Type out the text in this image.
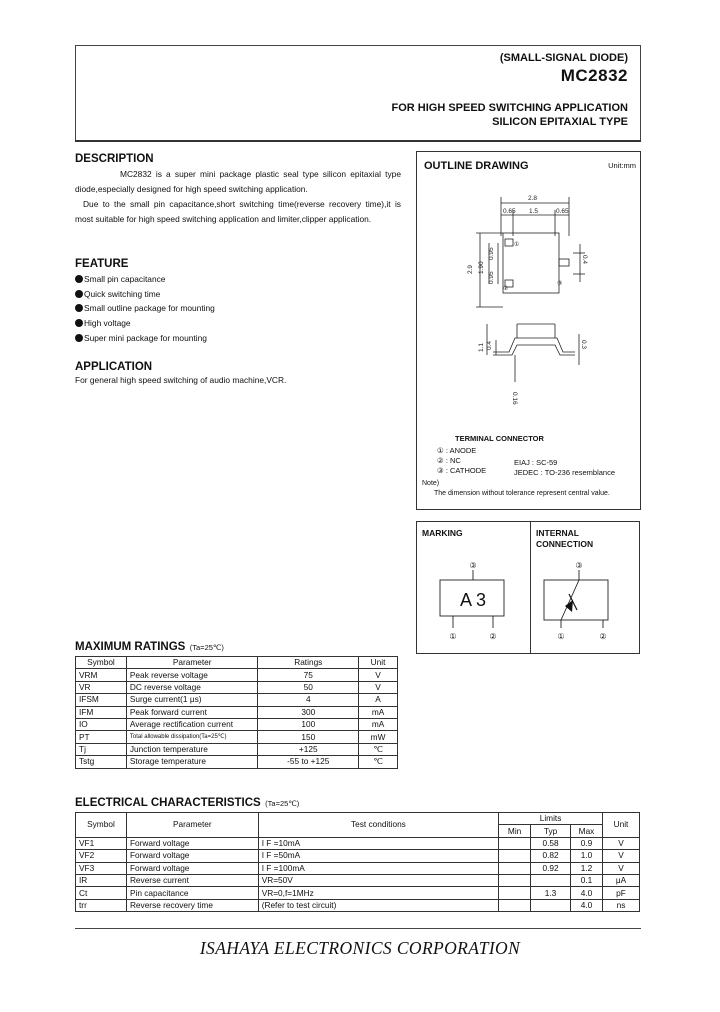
(SMALL-SIGNAL DIODE)
MC2832
FOR HIGH SPEED SWITCHING APPLICATION
SILICON EPITAXIAL TYPE
DESCRIPTION
MC2832 is a super mini package plastic seal type silicon epitaxial type diode,especially designed for high speed switching application.
Due to the small pin capacitance,short switching time(reverse recovery time),it is most suitable for high speed switching application and limiter,clipper application.
FEATURE
Small pin capacitance
Quick switching time
Small outline package for mounting
High voltage
Super mini package for mounting
APPLICATION
For general high speed switching of audio machine,VCR.
OUTLINE DRAWING	Unit:mm
2.8
0.65 1.5	0.65
2.9 1.90
0.95
0.95
0.4
1.1 0.4	0.3
0.16
①
②
③
TERMINAL CONNECTOR
① : ANODE
② : NC
③ : CATHODE
EIAJ : SC-59
JEDEC : TO-236 resemblance
Note)
The dimension without tolerance represent central value.
MARKING
A 3
③
①	②
INTERNAL
CONNECTION
③
①	②
MAXIMUM RATINGS (Ta=25℃)
Symbol	Parameter	Ratings	Unit
VRM	Peak reverse voltage	75	V
VR	DC reverse voltage	50	V
IFSM	Surge current(1 μs)	4	A
IFM	Peak forward current	300	mA
IO	Average rectification current	100	mA
PT	Total allowable dissipation(Ta=25℃)	150	mW
Tj	Junction temperature	+125	℃
Tstg	Storage temperature	-55 to +125	℃
ELECTRICAL CHARACTERISTICS (Ta=25℃)
Symbol	Parameter	Test conditions	Limits			Unit
			Min	Typ	Max	
VF1	Forward voltage	I F =10mA		0.58	0.9	V
VF2	Forward voltage	I F =50mA		0.82	1.0	V
VF3	Forward voltage	I F =100mA		0.92	1.2	V
IR	Reverse current	VR=50V			0.1	μA
Ct	Pin capacitance	VR=0,f=1MHz		1.3	4.0	pF
trr	Reverse recovery time	(Refer to test circuit)			4.0	ns
ISAHAYA ELECTRONICS CORPORATION
